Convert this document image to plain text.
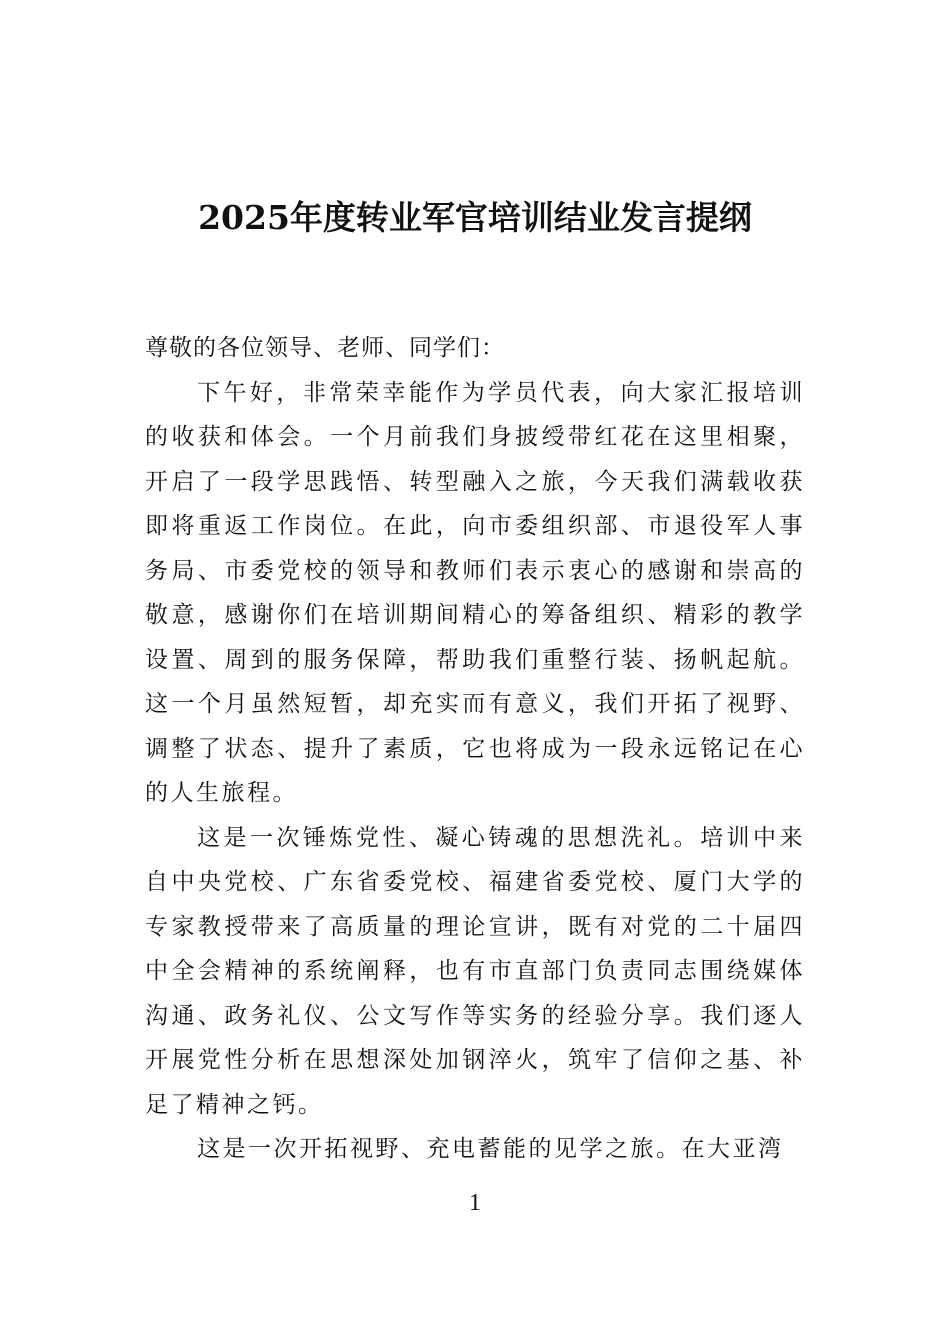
2025年度转业军官培训结业发言提纲

尊敬的各位领导、老师、同学们：

下午好，非常荣幸能作为学员代表，向大家汇报培训的收获和体会。一个月前我们身披绶带红花在这里相聚，开启了一段学思践悟、转型融入之旅，今天我们满载收获即将重返工作岗位。在此，向市委组织部、市退役军人事务局、市委党校的领导和教师们表示衷心的感谢和崇高的敬意，感谢你们在培训期间精心的筹备组织、精彩的教学设置、周到的服务保障，帮助我们重整行装、扬帆起航。这一个月虽然短暂，却充实而有意义，我们开拓了视野、调整了状态、提升了素质，它也将成为一段永远铭记在心的人生旅程。

这是一次锤炼党性、凝心铸魂的思想洗礼。培训中来自中央党校、广东省委党校、福建省委党校、厦门大学的专家教授带来了高质量的理论宣讲，既有对党的二十届四中全会精神的系统阐释，也有市直部门负责同志围绕媒体沟通、政务礼仪、公文写作等实务的经验分享。我们逐人开展党性分析在思想深处加钢淬火，筑牢了信仰之基、补足了精神之钙。

这是一次开拓视野、充电蓄能的见学之旅。在大亚湾

1
